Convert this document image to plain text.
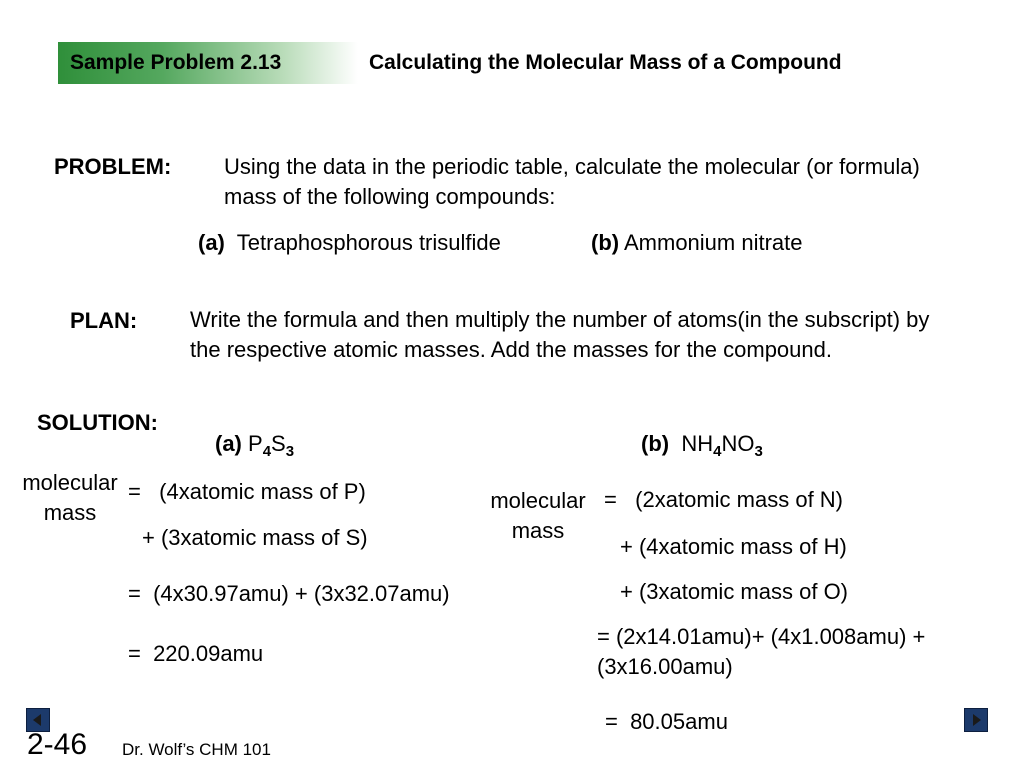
Sample Problem 2.13	Calculating the Molecular Mass of a Compound
PROBLEM: Using the data in the periodic table, calculate the molecular (or formula) mass of the following compounds:
(a) Tetraphosphorous trisulfide	(b) Ammonium nitrate
PLAN: Write the formula and then multiply the number of atoms(in the subscript) by the respective atomic masses. Add the masses for the compound.
SOLUTION:
(a) $P_4S_3$
molecular mass
=   (4xatomic mass of P)
+ (3xatomic mass of S)
=  (4x30.97amu) + (3x32.07amu)
=  220.09amu
(b) $NH_4NO_3$
molecular mass
=   (2xatomic mass of N)
+ (4xatomic mass of H)
+ (3xatomic mass of O)
= (2x14.01amu)+ (4x1.008amu) + (3x16.00amu)
=  80.05amu
2-46 Dr. Wolf’s CHM 101
